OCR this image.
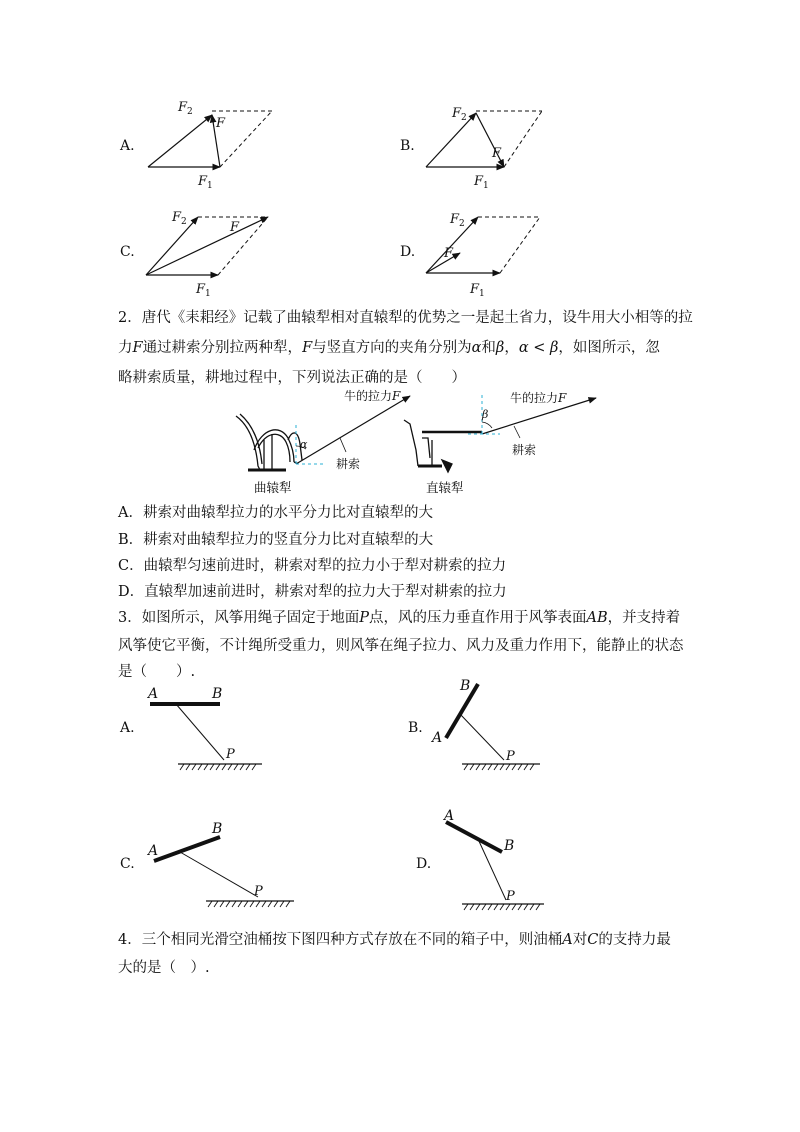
A.
$F_2$
F
$F_1$
B.
$F_2$
F
$F_1$
C.
$F_2$	F
$F_1$
D.
$F_2$
F
$F_1$
2．唐代《耒耜经》记载了曲辕犁相对直辕犁的优势之一是起土省力，设牛用大小相等的拉
力F通过耕索分别拉两种犁，F与竖直方向的夹角分别为α和β，α < β，如图所示，忽
略耕索质量，耕地过程中，下列说法正确的是（　　）
α
牛的拉力F
耕索
曲辕犁
β
牛的拉力F
耕索
直辕犁
A．耕索对曲辕犁拉力的水平分力比对直辕犁的大
B．耕索对曲辕犁拉力的竖直分力比对直辕犁的大
C．曲辕犁匀速前进时，耕索对犁的拉力小于犁对耕索的拉力
D．直辕犁加速前进时，耕索对犁的拉力大于犁对耕索的拉力
3．如图所示，风筝用绳子固定于地面P点，风的压力垂直作用于风筝表面AB，并支持着
风筝使它平衡，不计绳所受重力，则风筝在绳子拉力、风力及重力作用下，能静止的状态
是（　　）.
A.
A	B
P
B.
B
A
P
C.
A
B
P
D.
A
B
P
4．三个相同光滑空油桶按下图四种方式存放在不同的箱子中，则油桶A对C的支持力最
大的是（　）.
